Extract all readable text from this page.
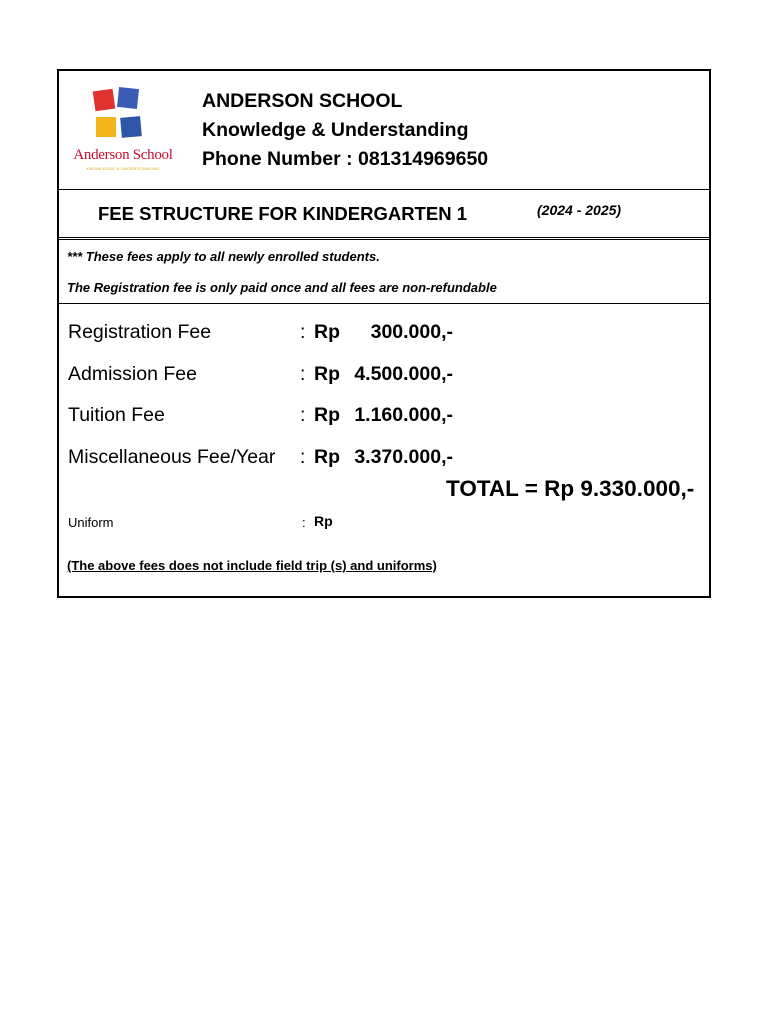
Anderson School
KNOWLEDGE & UNDERSTANDING
ANDERSON SCHOOL
Knowledge & Understanding
Phone Number : 081314969650
FEE STRUCTURE FOR KINDERGARTEN 1	(2024 - 2025)
*** These fees apply to all newly enrolled students.
The Registration fee is only paid once and all fees are non-refundable
Registration Fee	: Rp	300.000,-
Admission Fee	: Rp 4.500.000,-
Tuition Fee	: Rp 1.160.000,-
Miscellaneous Fee/Year : Rp 3.370.000,-
TOTAL = Rp 9.330.000,-
Uniform	: Rp
(The above fees does not include field trip (s) and uniforms)
